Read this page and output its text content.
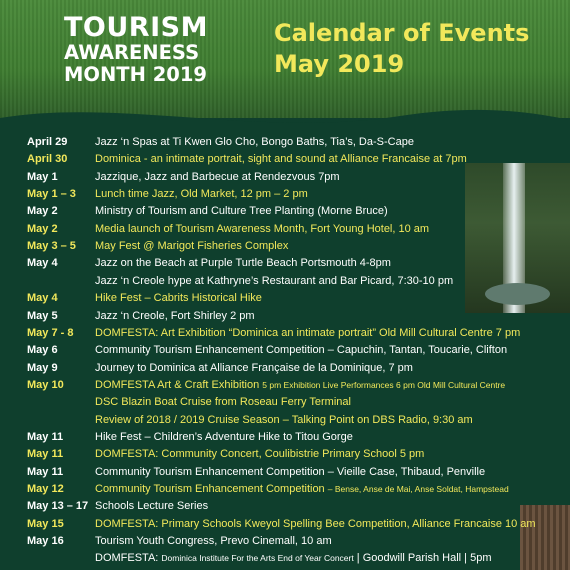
TOURISM
AWARENESS
MONTH 2019
Calendar of Events
May 2019
April 29	Jazz ‘n Spas at Ti Kwen Glo Cho, Bongo Baths, Tia’s, Da-S-Cape
April 30	Dominica - an intimate portrait, sight and sound at Alliance Francaise at 7pm
May 1	Jazzique, Jazz and Barbecue at Rendezvous 7pm
May 1 – 3 Lunch time Jazz, Old Market, 12 pm – 2 pm
May 2	Ministry of Tourism and Culture Tree Planting (Morne Bruce)
May 2	Media launch of Tourism Awareness Month, Fort Young Hotel, 10 am
May 3 – 5 May Fest @ Marigot Fisheries Complex
May 4	Jazz on the Beach at Purple Turtle Beach Portsmouth 4-8pm
Jazz ‘n Creole hype at Kathryne’s Restaurant and Bar Picard, 7:30-10 pm
May 4	Hike Fest – Cabrits Historical Hike
May 5	Jazz ‘n Creole, Fort Shirley 2 pm
May 7 - 8 DOMFESTA: Art Exhibition “Dominica an intimate portrait” Old Mill Cultural Centre 7 pm
May 6	Community Tourism Enhancement Competition – Capuchin, Tantan, Toucarie, Clifton
May 9	Journey to Dominica at Alliance Française de la Dominique, 7 pm
May 10	DOMFESTA Art & Craft Exhibition 5 pm Exhibition Live Performances 6 pm Old Mill Cultural Centre
DSC Blazin Boat Cruise from Roseau Ferry Terminal
Review of 2018 / 2019 Cruise Season – Talking Point on DBS Radio, 9:30 am
May 11	Hike Fest – Children’s Adventure Hike to Titou Gorge
May 11	DOMFESTA: Community Concert, Coulibistrie Primary School 5 pm
May 11	Community Tourism Enhancement Competition – Vieille Case, Thibaud, Penville
May 12	Community Tourism Enhancement Competition – Bense, Anse de Mai, Anse Soldat, Hampstead
May 13 – 17 Schools Lecture Series
May 15	DOMFESTA: Primary Schools Kweyol Spelling Bee Competition, Alliance Francaise 10 am
May 16	Tourism Youth Congress, Prevo Cinemall, 10 am
DOMFESTA: Dominica Institute For the Arts End of Year Concert | Goodwill Parish Hall | 5pm
May 17	Community Tourism Development - Talking Point on DBS Radio, 9:30 am
